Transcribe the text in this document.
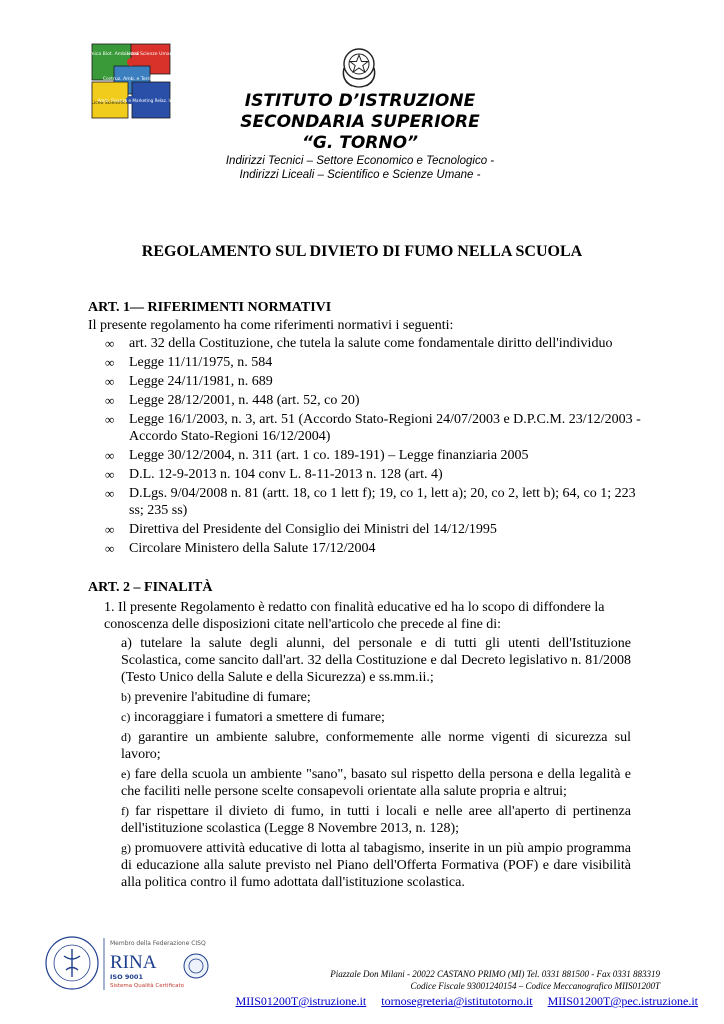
mica Biot. Ambientali
Liceo Scienze Umane
Costruz. Amb. e Territorio
Liceo Scientifico
Amm. Finanza e Marketing Relaz. In	ISTITUTO D’ISTRUZIONE
SECONDARIA SUPERIORE
“G. TORNO”
Indirizzi Tecnici – Settore Economico e Tecnologico -
Indirizzi Liceali – Scientifico e Scienze Umane -
REGOLAMENTO SUL DIVIETO DI FUMO NELLA SCUOLA
ART. 1— RIFERIMENTI NORMATIVI
Il presente regolamento ha come riferimenti normativi i seguenti:
∞ art. 32 della Costituzione, che tutela la salute come fondamentale diritto dell'individuo
∞ Legge 11/11/1975, n. 584
∞ Legge 24/11/1981, n. 689
∞ Legge 28/12/2001, n. 448 (art. 52, co 20)
∞ Legge 16/1/2003, n. 3, art. 51 (Accordo Stato-Regioni 24/07/2003 e D.P.C.M. 23/12/2003 - Accordo Stato-Regioni 16/12/2004)
∞ Legge 30/12/2004, n. 311 (art. 1 co. 189-191) – Legge finanziaria 2005
∞ D.L. 12-9-2013 n. 104 conv L. 8-11-2013 n. 128 (art. 4)
∞ D.Lgs. 9/04/2008 n. 81 (artt. 18, co 1 lett f); 19, co 1, lett a); 20, co 2, lett b); 64, co 1; 223 ss; 235 ss)
∞ Direttiva del Presidente del Consiglio dei Ministri del 14/12/1995
∞ Circolare Ministero della Salute 17/12/2004
ART. 2 – FINALITÀ
1. Il presente Regolamento è redatto con finalità educative ed ha lo scopo di diffondere la conoscenza delle disposizioni citate nell'articolo che precede al fine di:
a) tutelare la salute degli alunni, del personale e di tutti gli utenti dell'Istituzione Scolastica, come sancito dall'art. 32 della Costituzione e dal Decreto legislativo n. 81/2008 (Testo Unico della Salute e della Sicurezza) e ss.mm.ii.;
b) prevenire l'abitudine di fumare;
c) incoraggiare i fumatori a smettere di fumare;
d) garantire un ambiente salubre, conformemente alle norme vigenti di sicurezza sul lavoro;
e) fare della scuola un ambiente "sano", basato sul rispetto della persona e della legalità e che faciliti nelle persone scelte consapevoli orientate alla salute propria e altrui;
f) far rispettare il divieto di fumo, in tutti i locali e nelle aree all'aperto di pertinenza dell'istituzione scolastica (Legge 8 Novembre 2013, n. 128);
g) promuovere attività educative di lotta al tabagismo, inserite in un più ampio programma di educazione alla salute previsto nel Piano dell'Offerta Formativa (POF) e dare visibilità alla politica contro il fumo adottata dall'istituzione scolastica.
Membro della Federazione CISQ
RINA
ISO 9001
Sistema Qualità Certificato
Piazzale Don Milani - 20022 CASTANO PRIMO (MI) Tel. 0331 881500 - Fax 0331 883319
Codice Fiscale 93001240154 – Codice Meccanografico MIIS01200T
MIIS01200T@istruzione.it tornosegreteria@istitutotorno.it MIIS01200T@pec.istruzione.it
